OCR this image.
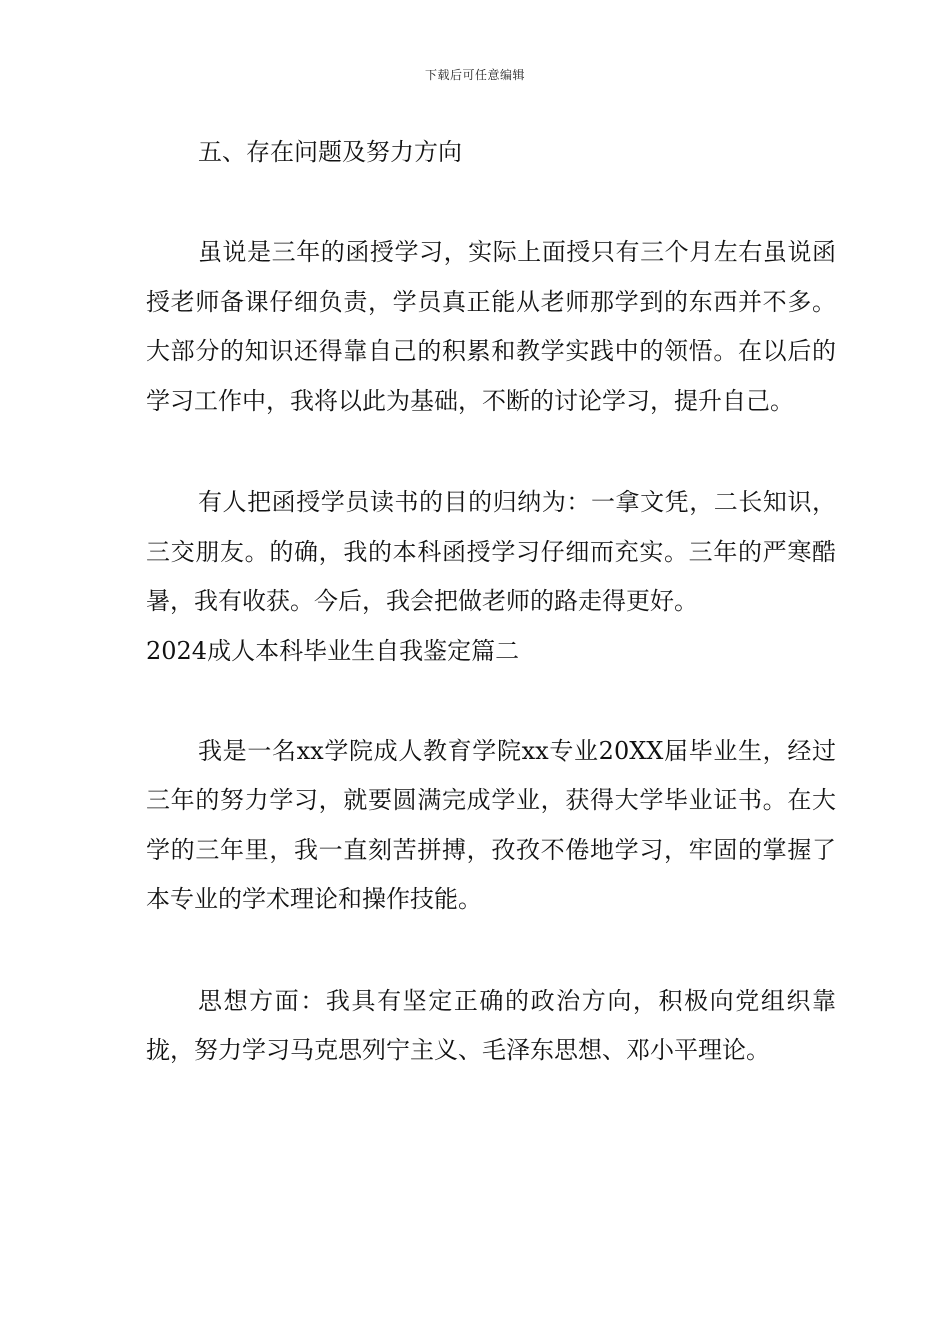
下载后可任意编辑
五、存在问题及努力方向

虽说是三年的函授学习，实际上面授只有三个月左右虽说函授老师备课仔细负责，学员真正能从老师那学到的东西并不多。大部分的知识还得靠自己的积累和教学实践中的领悟。在以后的学习工作中，我将以此为基础，不断的讨论学习，提升自己。

有人把函授学员读书的目的归纳为：一拿文凭，二长知识，三交朋友。的确，我的本科函授学习仔细而充实。三年的严寒酷暑，我有收获。今后，我会把做老师的路走得更好。

2024成人本科毕业生自我鉴定篇二

我是一名xx学院成人教育学院xx专业20XX届毕业生，经过三年的努力学习，就要圆满完成学业，获得大学毕业证书。在大学的三年里，我一直刻苦拼搏，孜孜不倦地学习，牢固的掌握了本专业的学术理论和操作技能。

思想方面：我具有坚定正确的政治方向，积极向党组织靠拢，努力学习马克思列宁主义、毛泽东思想、邓小平理论。
